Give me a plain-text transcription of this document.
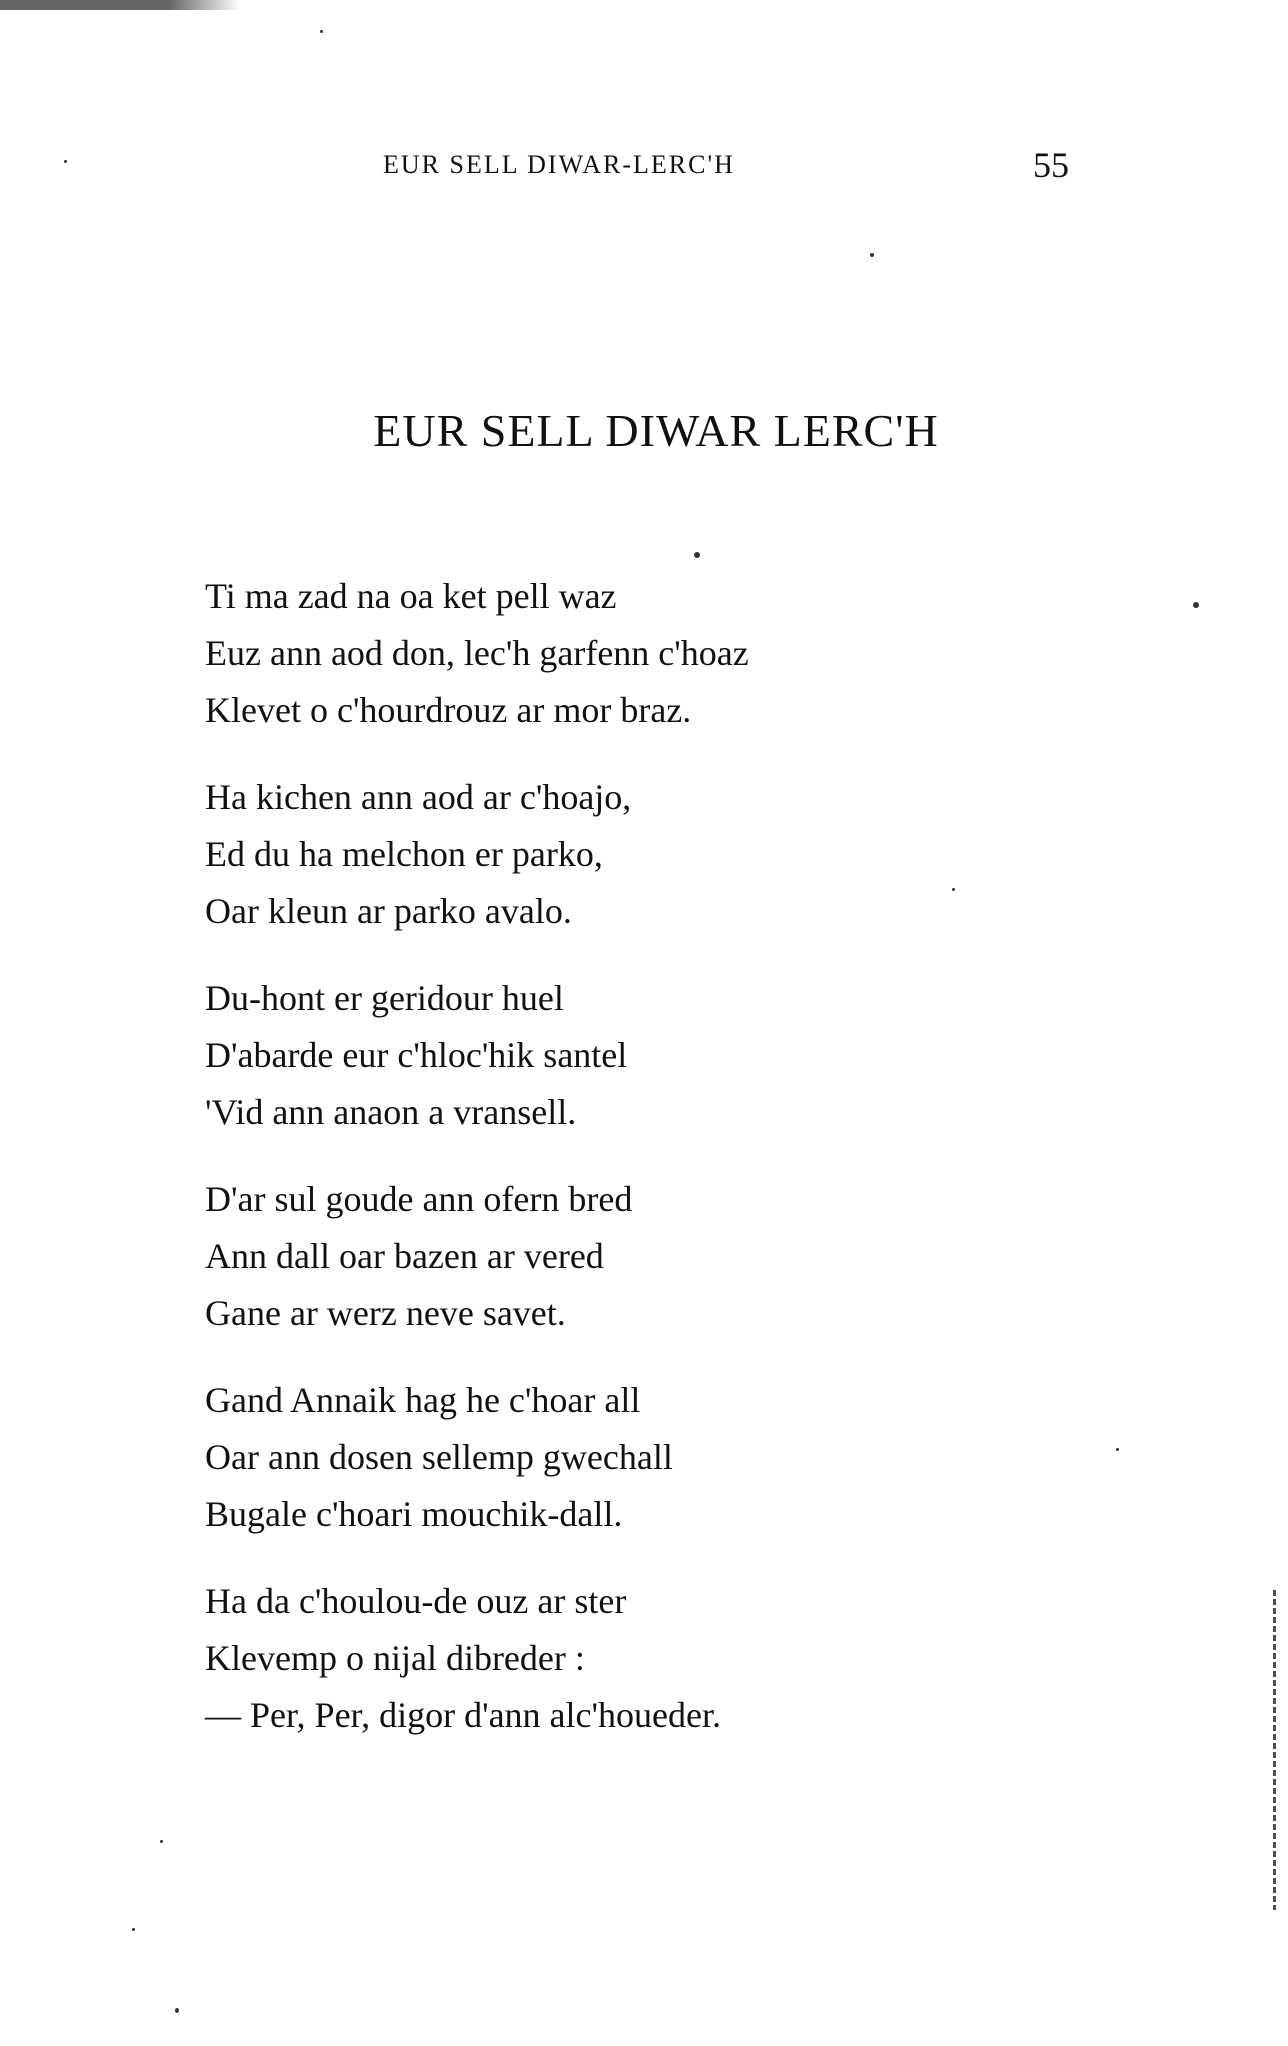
EUR SELL DIWAR-LERC'H	55
EUR SELL DIWAR LERC'H
Ti ma zad na oa ket pell waz
Euz ann aod don, lec'h garfenn c'hoaz
Klevet o c'hourdrouz ar mor braz.
Ha kichen ann aod ar c'hoajo,
Ed du ha melchon er parko,
Oar kleun ar parko avalo.
Du-hont er geridour huel
D'abarde eur c'hloc'hik santel
'Vid ann anaon a vransell.
D'ar sul goude ann ofern bred
Ann dall oar bazen ar vered
Gane ar werz neve savet.
Gand Annaik hag he c'hoar all
Oar ann dosen sellemp gwechall
Bugale c'hoari mouchik-dall.
Ha da c'houlou-de ouz ar ster
Klevemp o nijal dibreder :
— Per, Per, digor d'ann alc'houeder.
